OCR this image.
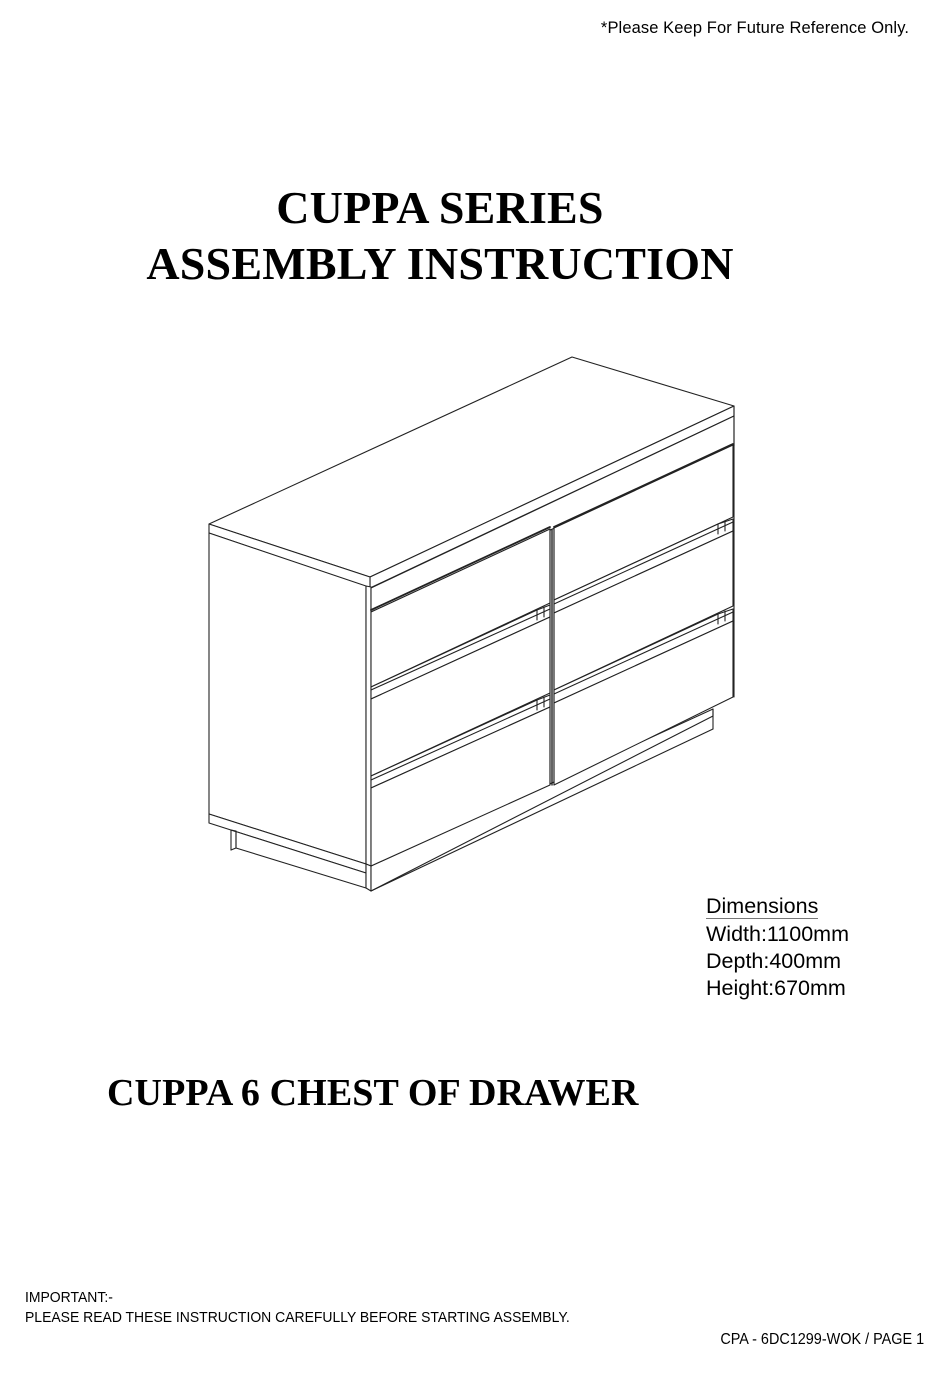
*Please Keep For Future Reference Only.
CUPPA SERIES
ASSEMBLY INSTRUCTION
Dimensions
Width:1100mm
Depth:400mm
Height:670mm
CUPPA 6 CHEST OF DRAWER
IMPORTANT:-
PLEASE READ THESE INSTRUCTION CAREFULLY BEFORE STARTING ASSEMBLY.
CPA - 6DC1299-WOK / PAGE 1
